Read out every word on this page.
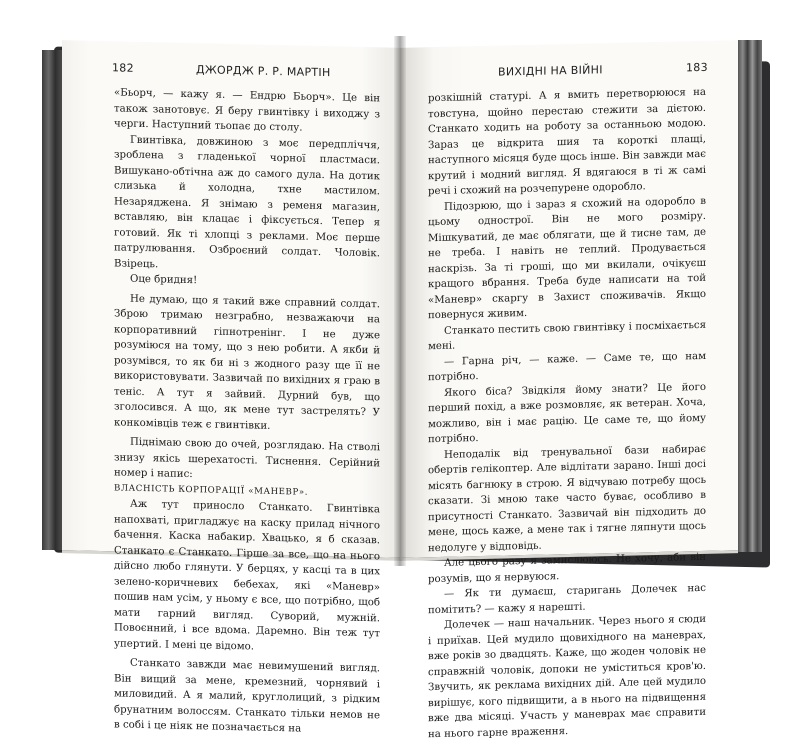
182	ДЖОРДЖ Р. Р. МАРТІН

«Бьорч, — кажу я. — Ендрю Бьорч». Це він також занотовує. Я беру гвинтівку і виходжу з черги. Наступний тьопає до столу.

Гвинтівка, довжиною з моє передпліччя, зроблена з гладенької чорної пластмаси. Вишукано-обтічна аж до самого дула. На дотик слизька й холодна, тхне мастилом. Незаряджена. Я знімаю з ременя магазин, вставляю, він клацає і фіксується. Тепер я готовий. Як ті хлопці з реклами. Моє перше патрулювання. Озброєний солдат. Чоловік. Взірець.

Оце бридня!

Не думаю, що я такий вже справний солдат. Зброю тримаю незграбно, незважаючи на корпоративний гіпнотренінг. І не дуже розуміюся на тому, що з нею робити. А якби й розумівся, то як би ні з жодного разу ще її не використовувати. Зазвичай по вихідних я граю в теніс. А тут я зайвий. Дурний був, що зголосився. А що, як мене тут застрелять? У конкомівців теж є гвинтівки.

Піднімаю свою до очей, розглядаю. На стволі знизу якісь шерехатості. Тиснення. Серійний номер і напис:

ВЛАСНІСТЬ КОРПОРАЦІЇ «МАНЕВР».

Аж тут приносло Станкато. Гвинтівка напохваті, пригладжує на каску прилад нічного бачення. Каска набакир. Хвацько, я б сказав. Станкато є Станкато. Гірше за все, що на нього дійсно любо глянути. У берцях, у касці та в цих зелено-коричневих бебехах, які «Маневр» пошив нам усім, у ньому є все, що потрібно, щоб мати гарний вигляд. Суворий, мужній. Повоєнний, і все вдома. Даремно. Він теж тут упертий. І мені це відомо.

Станкато завжди має невимушений вигляд. Він вищий за мене, кремезний, чорнявий і миловидий. А я малий, круглолиций, з рідким брунатним волоссям. Станкато тільки немов не в собі і це ніяк не позначається на

ВИХІДНІ НА ВІЙНІ	183

розкішній статурі. А я вмить перетворююся на товстуна, щойно перестаю стежити за дієтою. Станкато ходить на роботу за останньою модою. Зараз це відкрита шия та короткі плащі, наступного місяця буде щось інше. Він завжди має крутий і модний вигляд. Я вдягаюся в ті ж самі речі і схожий на розчепурене одоробло.

Підозрюю, що і зараз я схожий на одоробло в цьому однострої. Він не мого розміру. Мішкуватий, де має облягати, ще й тисне там, де не треба. І навіть не теплий. Продувається наскрізь. За ті гроші, що ми вкилали, очікуєш кращого вбрання. Треба буде написати на той «Маневр» скаргу в Захист споживачів. Якщо повернуся живим.

Станкато пестить свою гвинтівку і посміхається мені.

— Гарна річ, — каже. — Саме те, що нам потрібно.

Якого біса? Звідкіля йому знати? Це його перший похід, а вже розмовляє, як ветеран. Хоча, можливо, він і має рацію. Це саме те, що йому потрібно.

Неподалік від тренувальної бази набирає обертів гелікоптер. Але відлітати зарано. Інші досі місять багнюку в строю. Я відчуваю потребу щось сказати. Зі мною таке часто буває, особливо в присутності Станкато. Зазвичай він підходить до мене, щось каже, а мене так і тягне ляпнути щось недолуге у відповідь.

Але цього разу я замислююсь. Не хочу, аби він розумів, що я нервуюся.

— Як ти думаєш, старигань Долечек нас помітить? — кажу я нарешті.

Долечек — наш начальник. Через нього я сюди і приїхав. Цей мудило щовихідного на маневрах, вже років зо двадцять. Каже, що жоден чоловік не справжній чоловік, допоки не уміститься кров'ю. Звучить, як реклама вихідних дій. Але цей мудило вирішує, кого підвищити, а в нього на підвищення вже два місяці. Участь у маневрах має справити на нього гарне враження.
